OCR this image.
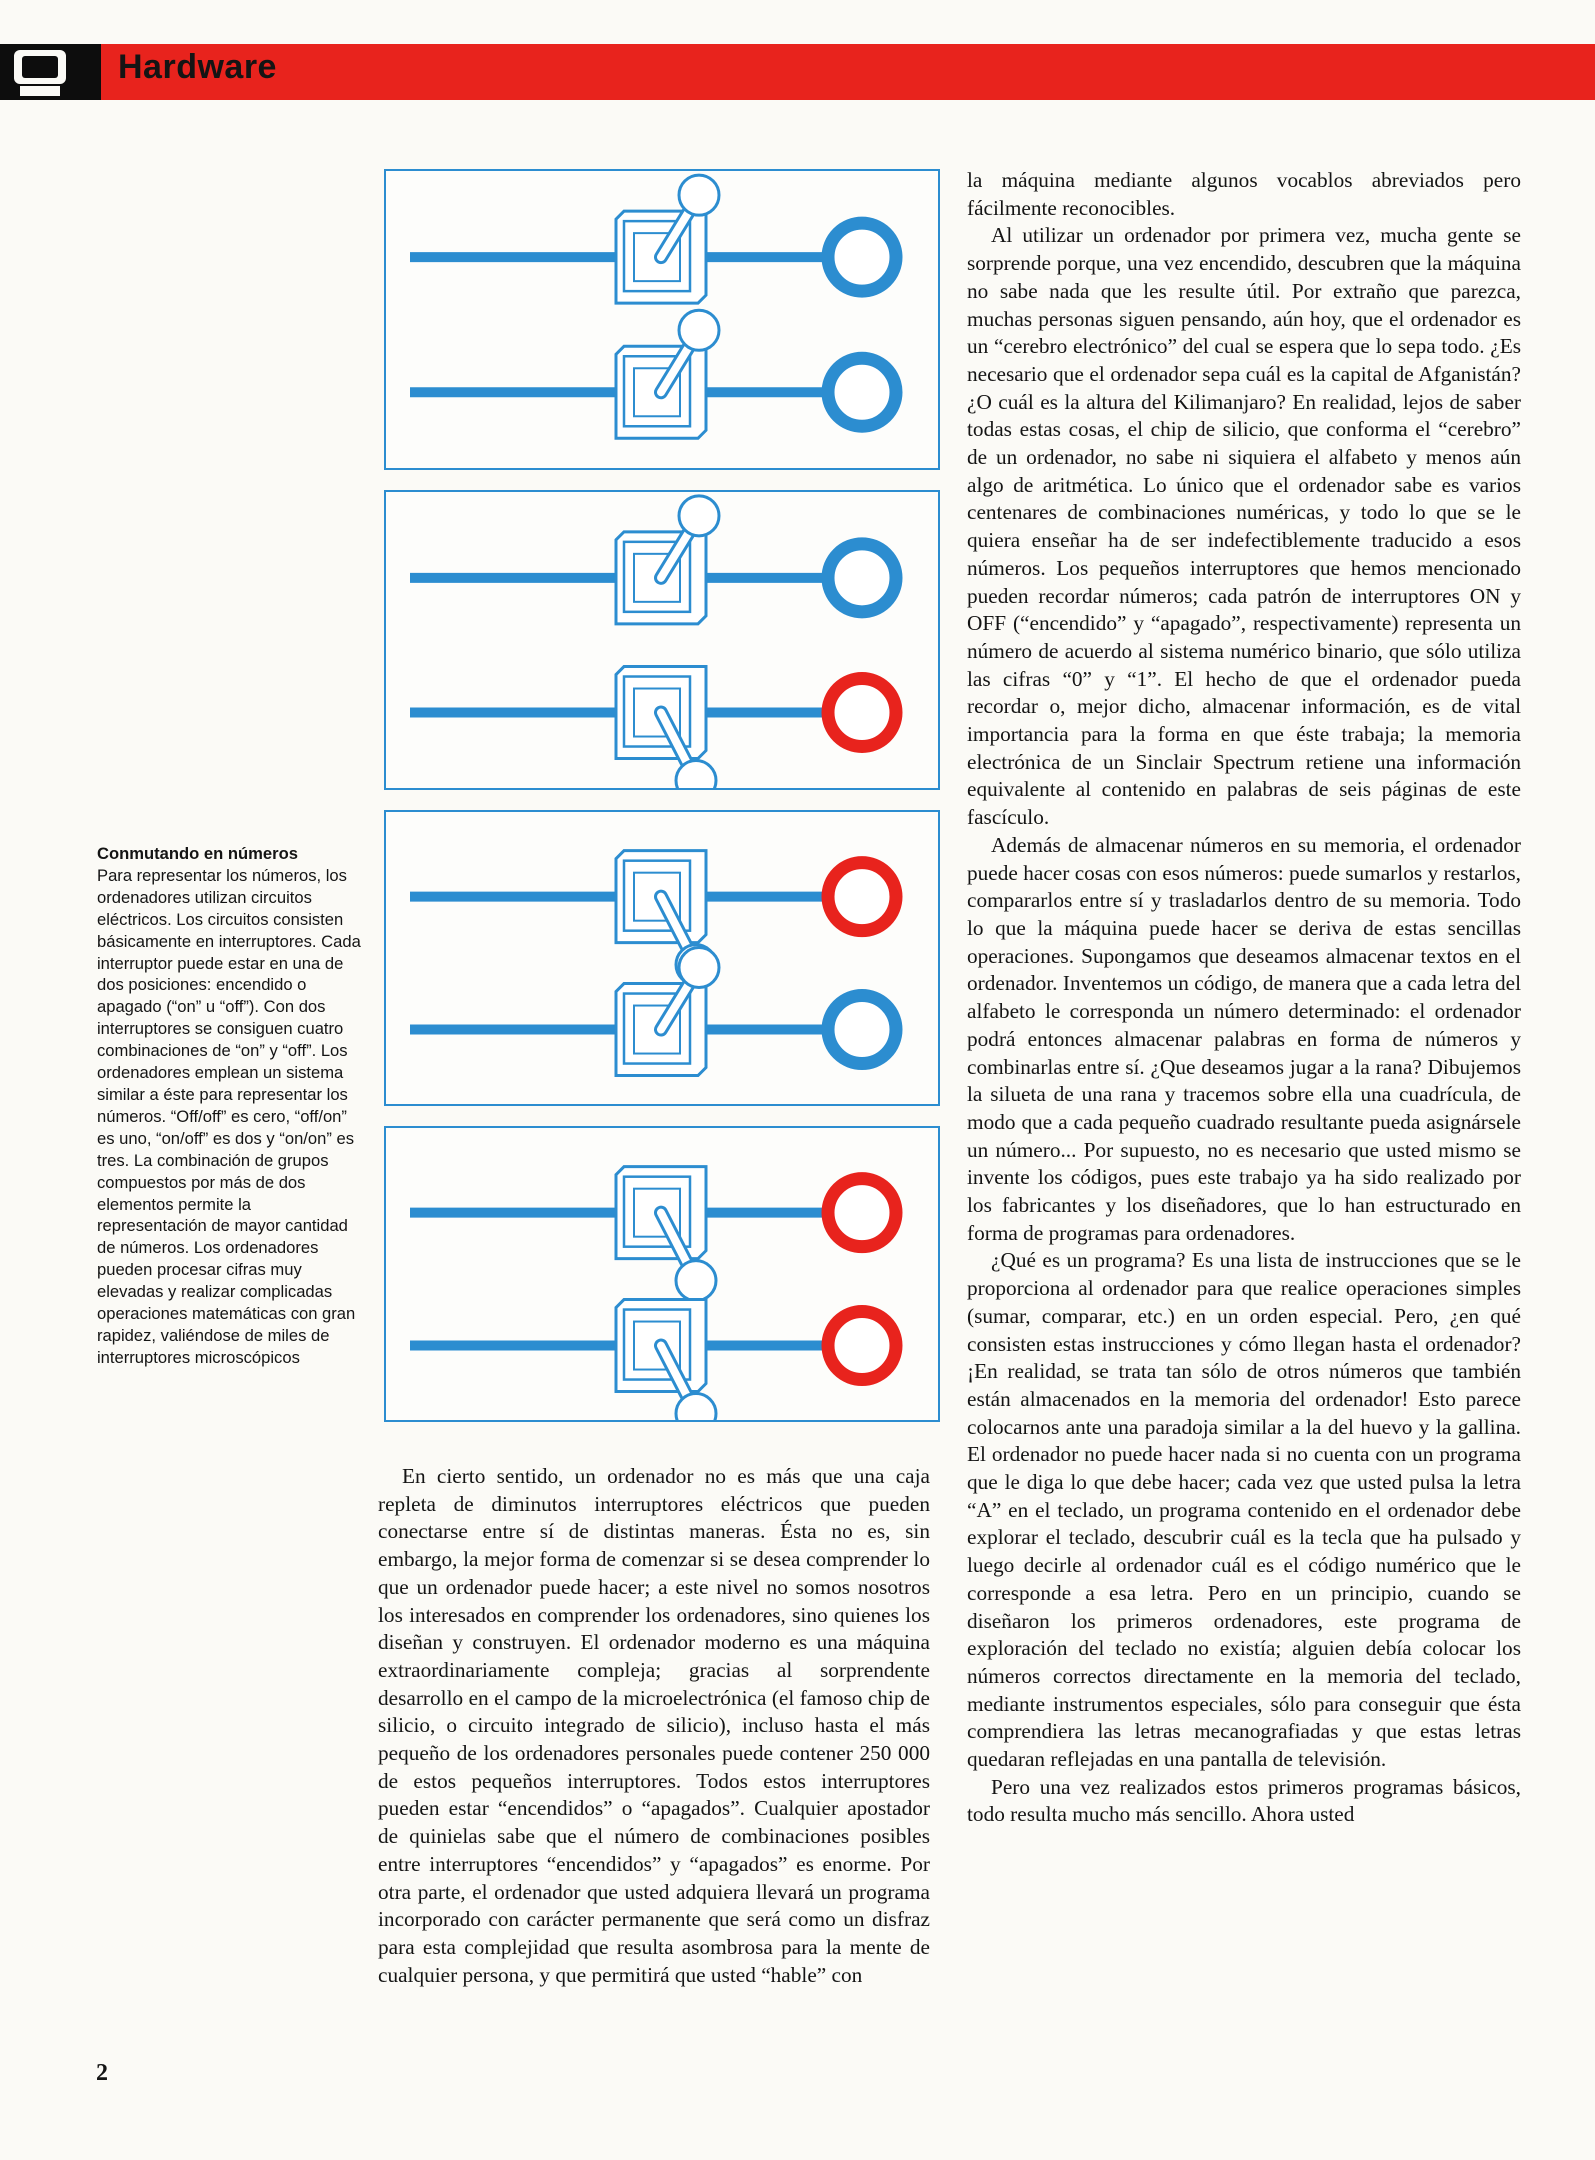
Hardware
Conmutando en números
Para representar los números, los ordenadores utilizan circuitos eléctricos. Los circuitos consisten básicamente en interruptores. Cada interruptor puede estar en una de dos posiciones: encendido o apagado (“on” u “off”). Con dos interruptores se consiguen cuatro combinaciones de “on” y “off”. Los ordenadores emplean un sistema similar a éste para representar los números. “Off/off” es cero, “off/on” es uno, “on/off” es dos y “on/on” es tres. La combinación de grupos compuestos por más de dos elementos permite la representación de mayor cantidad de números. Los ordenadores pueden procesar cifras muy elevadas y realizar complicadas operaciones matemáticas con gran rapidez, valiéndose de miles de interruptores microscópicos

En cierto sentido, un ordenador no es más que una caja repleta de diminutos interruptores eléctricos que pueden conectarse entre sí de distintas maneras. Ésta no es, sin embargo, la mejor forma de comenzar si se desea comprender lo que un ordenador puede hacer; a este nivel no somos nosotros los interesados en comprender los ordenadores, sino quienes los diseñan y construyen. El ordenador moderno es una máquina extraordinariamente compleja; gracias al sorprendente desarrollo en el campo de la microelectrónica (el famoso chip de silicio, o circuito integrado de silicio), incluso hasta el más pequeño de los ordenadores personales puede contener 250 000 de estos pequeños interruptores. Todos estos interruptores pueden estar “encendidos” o “apagados”. Cualquier apostador de quinielas sabe que el número de combinaciones posibles entre interruptores “encendidos” y “apagados” es enorme. Por otra parte, el ordenador que usted adquiera llevará un programa incorporado con carácter permanente que será como un disfraz para esta complejidad que resulta asombrosa para la mente de cualquier persona, y que permitirá que usted “hable” con

la máquina mediante algunos vocablos abreviados pero fácilmente reconocibles.

Al utilizar un ordenador por primera vez, mucha gente se sorprende porque, una vez encendido, descubren que la máquina no sabe nada que les resulte útil. Por extraño que parezca, muchas personas siguen pensando, aún hoy, que el ordenador es un “cerebro electrónico” del cual se espera que lo sepa todo. ¿Es necesario que el ordenador sepa cuál es la capital de Afganistán? ¿O cuál es la altura del Kilimanjaro? En realidad, lejos de saber todas estas cosas, el chip de silicio, que conforma el “cerebro” de un ordenador, no sabe ni siquiera el alfabeto y menos aún algo de aritmética. Lo único que el ordenador sabe es varios centenares de combinaciones numéricas, y todo lo que se le quiera enseñar ha de ser indefectiblemente traducido a esos números. Los pequeños interruptores que hemos mencionado pueden recordar números; cada patrón de interruptores ON y OFF (“encendido” y “apagado”, respectivamente) representa un número de acuerdo al sistema numérico binario, que sólo utiliza las cifras “0” y “1”. El hecho de que el ordenador pueda recordar o, mejor dicho, almacenar información, es de vital importancia para la forma en que éste trabaja; la memoria electrónica de un Sinclair Spectrum retiene una información equivalente al contenido en palabras de seis páginas de este fascículo.

Además de almacenar números en su memoria, el ordenador puede hacer cosas con esos números: puede sumarlos y restarlos, compararlos entre sí y trasladarlos dentro de su memoria. Todo lo que la máquina puede hacer se deriva de estas sencillas operaciones. Supongamos que deseamos almacenar textos en el ordenador. Inventemos un código, de manera que a cada letra del alfabeto le corresponda un número determinado: el ordenador podrá entonces almacenar palabras en forma de números y combinarlas entre sí. ¿Que deseamos jugar a la rana? Dibujemos la silueta de una rana y tracemos sobre ella una cuadrícula, de modo que a cada pequeño cuadrado resultante pueda asignársele un número... Por supuesto, no es necesario que usted mismo se invente los códigos, pues este trabajo ya ha sido realizado por los fabricantes y los diseñadores, que lo han estructurado en forma de programas para ordenadores.

¿Qué es un programa? Es una lista de instrucciones que se le proporciona al ordenador para que realice operaciones simples (sumar, comparar, etc.) en un orden especial. Pero, ¿en qué consisten estas instrucciones y cómo llegan hasta el ordenador? ¡En realidad, se trata tan sólo de otros números que también están almacenados en la memoria del ordenador! Esto parece colocarnos ante una paradoja similar a la del huevo y la gallina. El ordenador no puede hacer nada si no cuenta con un programa que le diga lo que debe hacer; cada vez que usted pulsa la letra “A” en el teclado, un programa contenido en el ordenador debe explorar el teclado, descubrir cuál es la tecla que ha pulsado y luego decirle al ordenador cuál es el código numérico que le corresponde a esa letra. Pero en un principio, cuando se diseñaron los primeros ordenadores, este programa de exploración del teclado no existía; alguien debía colocar los números correctos directamente en la memoria del teclado, mediante instrumentos especiales, sólo para conseguir que ésta comprendiera las letras mecanografiadas y que estas letras quedaran reflejadas en una pantalla de televisión.

Pero una vez realizados estos primeros programas básicos, todo resulta mucho más sencillo. Ahora usted

2
